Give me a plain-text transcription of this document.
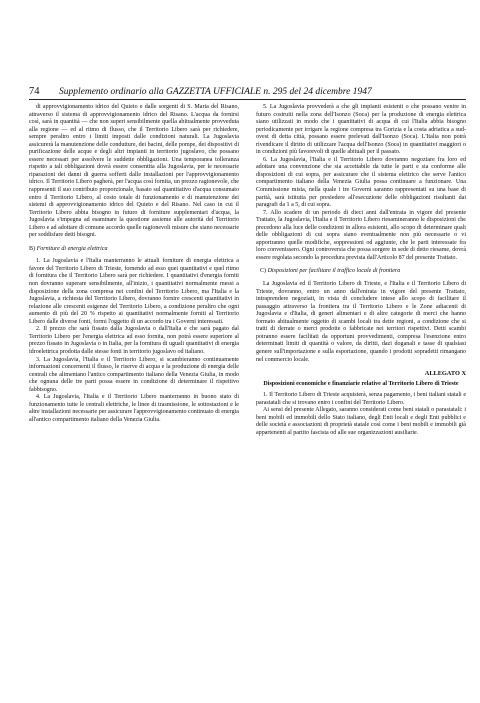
74 Supplemento ordinario alla GAZZETTA UFFICIALE n. 295 del 24 dicembre 1947

di approvvigionamento idrico del Quieto e dalle sorgenti di S. Maria del Risano, attraverso il sistema di approvvigionamento idrico del Risano. L'acqua da fornirsi così, sarà in quantità — che non superi sensibilmente quella abitualmente provveduta alla regione — ed al ritmo di flusso, che il Territorio Libero sarà per richiedere, sempre peraltro entro i limiti imposti dalle condizioni naturali. La Jugoslavia assicurerà la manutenzione delle condutture, dei bacini, delle pompe, dei dispositivi di purificazione delle acque e degli altri impianti in territorio jugoslavo, che possano essere necessari per assolvere le suddette obbligazioni. Una temporanea tolleranza rispetto a tali obbligazioni dovrà essere consentita alla Jugoslavia, per le necessarie riparazioni dei danni di guerra sofferti dalle installazioni per l'approvvigionamento idrico. Il Territorio Libero pagherà, per l'acqua così fornita, un prezzo ragionevole, che rappresenti il suo contributo proporzionale, basato sul quantitativo d'acqua consumato entro il Territorio Libero, al costo totale di funzionamento e di manutenzione dei sistemi di approvvigionamento idrico del Quieto e del Risano. Nel caso in cui il Territorio Libero abbia bisogno in futuro di forniture supplementari d'acqua, la Jugoslavia s'impegna ad esaminare la questione assieme alle autorità del Territorio Libero e ad adottare di comune accordo quelle ragionevoli misure che siano necessarie per soddisfare detti bisogni.

B) Forniture di energia elettrica

1. La Jugoslavia e l'Italia manterranno le attuali forniture di energia elettrica a favore del Territorio Libero di Trieste, fornendo ad esso quei quantitativi e quel ritmo di fornitura che il Territorio Libero sarà per richiedere. I quantitativi d'energia forniti non dovranno superare sensibilmente, all'inizio, i quantitativi normalmente messi a disposizione della zona compresa nei confini del Territorio Libero, ma l'Italia e la Jugoslavia, a richiesta del Territorio Libero, dovranno fornire crescenti quantitativi in relazione alle crescenti esigenze del Territorio Libero, a condizione peraltro che ogni aumento di più del 20 % rispetto ai quantitativi normalmente forniti al Territorio Libero dalle diverse fonti, formi l'oggetto di un accordo tra i Governi interessati.

2. Il prezzo che sarà fissato dalla Jugoslavia o dall'Italia e che sarà pagato dal Territorio Libero per l'energia elettrica ad esso fornita, non potrà essere superiore al prezzo fissato in Jugoslavia o in Italia, per la fornitura di uguali quantitativi di energia idroelettrica prodotta dalle stesse fonti in territorio jugoslavo od italiano.

3. La Jugoslavia, l'Italia e il Territorio Libero, si scambieranno continuamente informazioni concernenti il flusso, le riserve di acqua e la produzione di energia delle centrali che alimentano l'antico compartimento italiano della Venezia Giulia, in modo che ognuna delle tre parti possa essere in condizione di determinare il rispettivo fabbisogno.

4. La Jugoslavia, l'Italia e il Territorio Libero manterranno in buono stato di funzionamento tutte le centrali elettriche, le linee di trasmissione, le sottostazioni e le altre installazioni necessarie per assicurare l'approvvigionamento continuato di energia all'antico compartimento italiano della Venezia Giulia.

5. La Jugoslavia provvederà a che gli impianti esistenti o che possano venire in futuro costruiti nella zona dell'Isonzo (Soca) per la produzione di energia elettrica siano utilizzati in modo che i quantitativi di acqua di cui l'Italia abbia bisogno periodicamente per irrigare la regione compresa tra Gorizia e la costa adriatica a sud-ovest di detta città, possano essere prelevati dall'Isonzo (Soca). L'Italia non potrà rivendicare il diritto di utilizzare l'acqua dell'Isonzo (Soca) in quantitativi maggiori o in condizioni più favorevoli di quelle abituali per il passato.

6. La Jugoslavia, l'Italia e il Territorio Libero dovranno negoziare fra loro ed adottare una convenzione che sia accettabile da tutte le parti e sia conforme alle disposizioni di cui sopra, per assicurare che il sistema elettrico che serve l'antico compartimento italiano della Venezia Giulia possa continuare a funzionare. Una Commissione mista, nella quale i tre Governi saranno rappresentati su una base di parità, sarà istituita per presiedere all'esecuzione delle obbligazioni risultanti dai paragrafi da 1 a 5, di cui sopra.

7. Allo scadere di un periodo di dieci anni dall'entrata in vigore del presente Trattato, la Jugoslavia, l'Italia e il Territorio Libero riesamineranno le disposizioni che precedono alla luce delle condizioni in allora esistenti, allo scopo di determinare quali delle obbligazioni di cui sopra siano eventualmente non più necessarie o vi apportranno quelle modifiche, soppressioni od aggiunte, che le parti interessate fra loro convenissero. Ogni controversia che possa sorgere in sede di detto riesame, dovrà essere regolata secondo la procedura prevista dall'Articolo 87 del presente Trattato.

C) Disposizioni per facilitare il traffico locale di frontiera

La Jugoslavia ed il Territorio Libero di Trieste, e l'Italia e il Territorio Libero di Trieste, dovranno, entro un anno dall'entrata in vigore del presente Trattato, intraprendere negoziati, in vista di concludere intese allo scopo di facilitare il passaggio attraverso la frontiera tra il Territorio Libero e le Zone adiacenti di Jugoslavia e d'Italia, di generi alimentari e di altre categorie di merci che hanno formato abitualmente oggetto di scambi locali tra dette regioni, a condizione che si tratti di derrate o merci prodotte o fabbricate nei territori rispettivi. Detti scambi potranno essere facilitati da opportuni provvedimenti, compresa l'esenzione entro determinati limiti di quantità o valore, da diritti, dazi doganali e tasse di qualsiasi genere sull'importazione e sulla esportazione, quando i prodotti sopradetti rimangano nel commercio locale.

ALLEGATO X

Disposizioni economiche e finanziarie relative al Territorio Libero di Trieste

1. Il Territorio Libero di Trieste acquisterà, senza pagamento, i beni italiani statali e parastatali che si trovano entro i confini del Territorio Libero.

Ai sensi del presente Allegato, saranno considerati come beni statali o parastatali: i beni mobili ed immobili dello Stato italiano, degli Enti locali e degli Enti pubblici e delle società e associazioni di proprietà statale così come i beni mobili e immobili già appartenenti al partito fascista od alle sue organizzazioni ausiliarie.
